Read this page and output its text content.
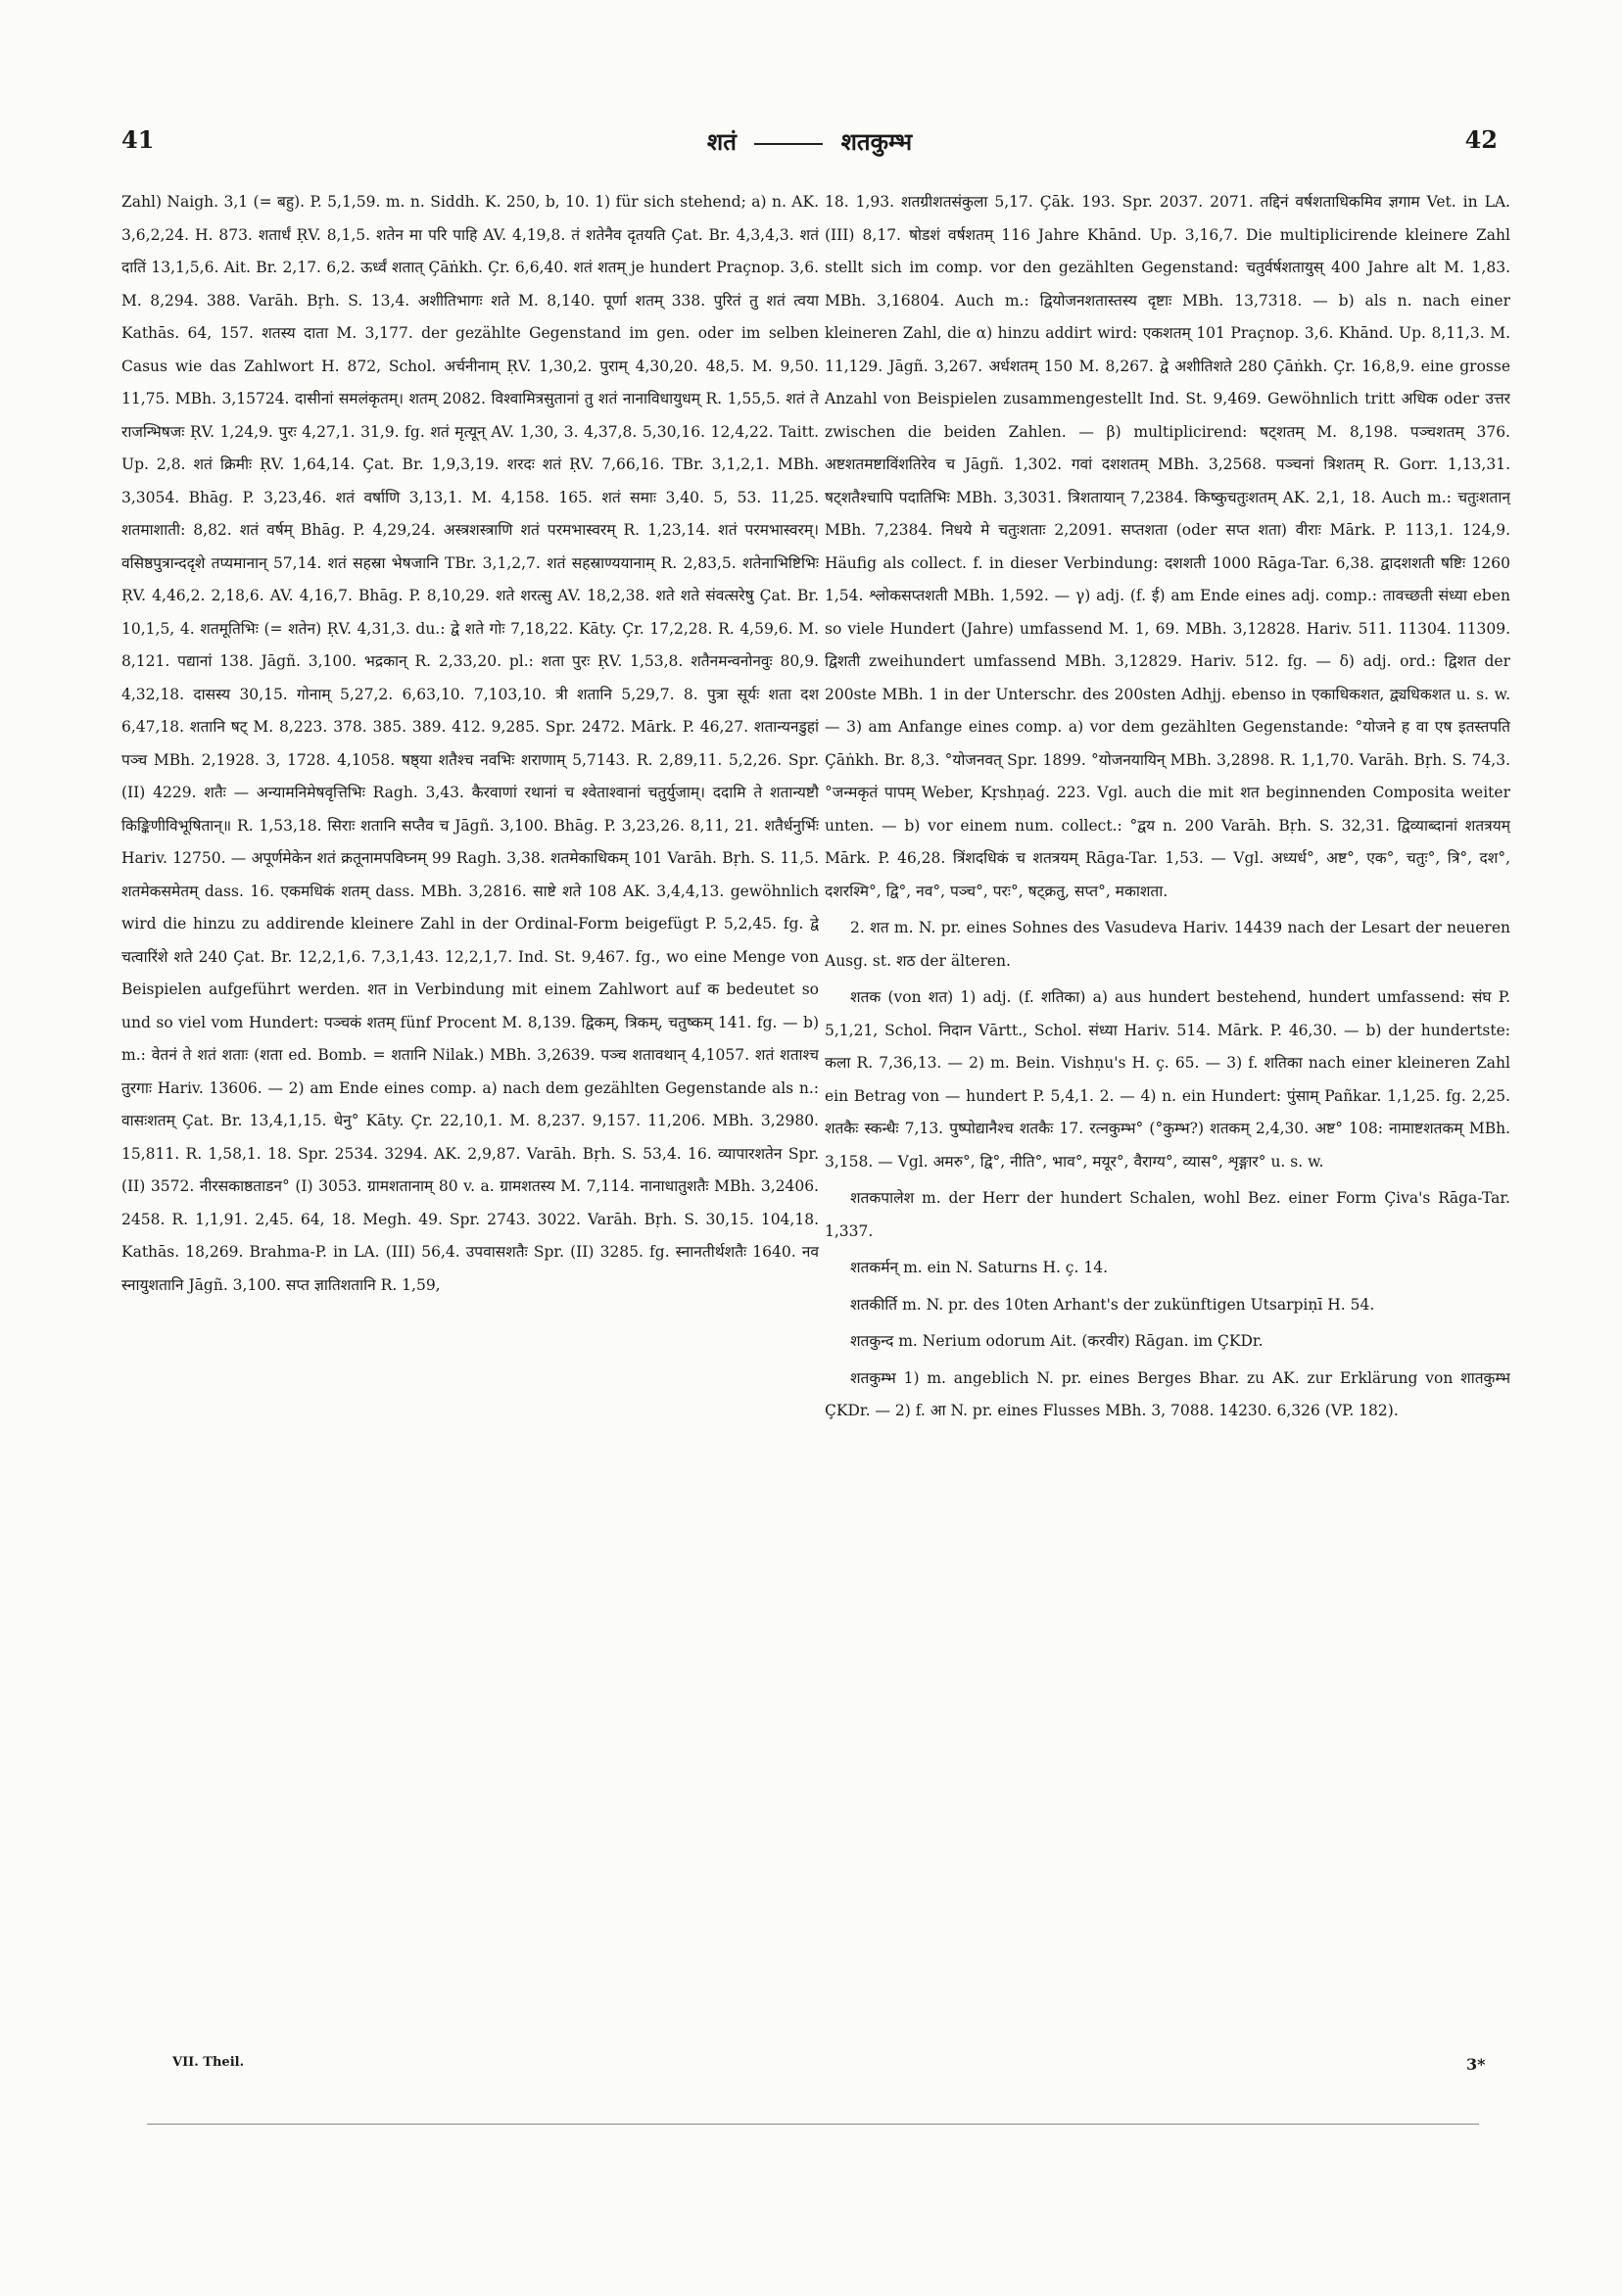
41	शतं	शतकुम्भ	42

Zahl) Naigh. 3,1 (= बहु). P. 5,1,59. m. n. Siddh. K. 250, b, 10. 1) für sich stehend; a) n. AK. 3,6,2,24. H. 873. शतार्धं ṚV. 8,1,5. शतेन मा परि पाहि AV. 4,19,8. तं शतेनैव दृतयति Çat. Br. 4,3,4,3. शतं दातिं 13,1,5,6. Ait. Br. 2,17. 6,2. ऊर्ध्वं शतात् Çāṅkh. Çr. 6,6,40. शतं शतम् je hundert Praçnop. 3,6. M. 8,294. 388. Varāh. Bṛh. S. 13,4. अशीतिभागः शते M. 8,140. पूर्णा शतम् 338. पुरितं तु शतं त्वया Kathās. 64, 157. शतस्य दाता M. 3,177. der gezählte Gegenstand im gen. oder im selben Casus wie das Zahlwort H. 872, Schol. अर्चनीनाम् ṚV. 1,30,2. पुराम् 4,30,20. 48,5. M. 9,50. 11,75. MBh. 3,15724. दासीनां समलंकृतम्। शतम् 2082. विश्वामित्रसुतानां तु शतं नानाविधायुधम् R. 1,55,5. शतं ते राजन्भिषजः ṚV. 1,24,9. पुरः 4,27,1. 31,9. fg. शतं मृत्यून् AV. 1,30, 3. 4,37,8. 5,30,16. 12,4,22. Taitt. Up. 2,8. शतं क्रिमीः ṚV. 1,64,14. Çat. Br. 1,9,3,19. शरदः शतं ṚV. 7,66,16. TBr. 3,1,2,1. MBh. 3,3054. Bhāg. P. 3,23,46. शतं वर्षाणि 3,13,1. M. 4,158. 165. शतं समाः 3,40. 5, 53. 11,25. शतमाशाती: 8,82. शतं वर्षम् Bhāg. P. 4,29,24. अस्त्रशस्त्राणि शतं परमभास्वरम् R. 1,23,14. शतं परमभास्वरम्। वसिष्ठपुत्रान्ददृशे तप्यमानान् 57,14. शतं सहस्रा भेषजानि TBr. 3,1,2,7. शतं सहस्राण्ययानाम् R. 2,83,5. शतेनाभिष्टिभिः ṚV. 4,46,2. 2,18,6. AV. 4,16,7. Bhāg. P. 8,10,29. शते शरत्सु AV. 18,2,38. शते शते संवत्सरेषु Çat. Br. 10,1,5, 4. शतमूतिभिः (= शतेन) ṚV. 4,31,3. du.: द्वे शते गोः 7,18,22. Kāty. Çr. 17,2,28. R. 4,59,6. M. 8,121. पद्यानां 138. Jāgñ. 3,100. भद्रकान् R. 2,33,20. pl.: शता पुरः ṚV. 1,53,8. शतैनमन्वनोनवुः 80,9. 4,32,18. दासस्य 30,15. गोनाम् 5,27,2. 6,63,10. 7,103,10. त्री शतानि 5,29,7. 8. पुत्रा सूर्यः शता दश 6,47,18. शतानि षट् M. 8,223. 378. 385. 389. 412. 9,285. Spr. 2472. Mārk. P. 46,27. शतान्यनडुहां पञ्च MBh. 2,1928. 3, 1728. 4,1058. षष्ठ्या शतैश्च नवभिः शराणाम् 5,7143. R. 2,89,11. 5,2,26. Spr. (II) 4229. शतैः — अन्यामनिमेषवृत्तिभिः Ragh. 3,43. कैरवाणां रथानां च श्वेताश्वानां चतुर्युजाम्। ददामि ते शतान्यष्टौ किङ्किणीविभूषितान्॥ R. 1,53,18. सिराः शतानि सप्तैव च Jāgñ. 3,100. Bhāg. P. 3,23,26. 8,11, 21. शतैर्धनुर्भिः Hariv. 12750. — अपूर्णमेकेन शतं क्रतूनामपविघ्नम् 99 Ragh. 3,38. शतमेकाधिकम् 101 Varāh. Bṛh. S. 11,5. शतमेकसमेतम् dass. 16. एकमधिकं शतम् dass. MBh. 3,2816. साष्टे शते 108 AK. 3,4,4,13. gewöhnlich wird die hinzu zu addirende kleinere Zahl in der Ordinal-Form beigefügt P. 5,2,45. fg. द्वे चत्वारिंशे शते 240 Çat. Br. 12,2,1,6. 7,3,1,43. 12,2,1,7. Ind. St. 9,467. fg., wo eine Menge von Beispielen aufgeführt werden. शत in Verbindung mit einem Zahlwort auf क bedeutet so und so viel vom Hundert: पञ्चकं शतम् fünf Procent M. 8,139. द्विकम्, त्रिकम्, चतुष्कम् 141. fg. — b) m.: वेतनं ते शतं शताः (शता ed. Bomb. = शतानि Nilak.) MBh. 3,2639. पञ्च शतावथान् 4,1057. शतं शताश्च तुरगाः Hariv. 13606. — 2) am Ende eines comp. a) nach dem gezählten Gegenstande als n.: वासःशतम् Çat. Br. 13,4,1,15. धेनु° Kāty. Çr. 22,10,1. M. 8,237. 9,157. 11,206. MBh. 3,2980. 15,811. R. 1,58,1. 18. Spr. 2534. 3294. AK. 2,9,87. Varāh. Bṛh. S. 53,4. 16. व्यापारशतेन Spr. (II) 3572. नीरसकाष्ठताडन° (I) 3053. ग्रामशतानाम् 80 v. a. ग्रामशतस्य M. 7,114. नानाधातुशतैः MBh. 3,2406. 2458. R. 1,1,91. 2,45. 64, 18. Megh. 49. Spr. 2743. 3022. Varāh. Bṛh. S. 30,15. 104,18. Kathās. 18,269. Brahma-P. in LA. (III) 56,4. उपवासशतैः Spr. (II) 3285. fg. स्नानतीर्थशतैः 1640. नव स्नायुशतानि Jāgñ. 3,100. सप्त ज्ञातिशतानि R. 1,59,

18. 1,93. शतग्रीशतसंकुला 5,17. Çāk. 193. Spr. 2037. 2071. तद्दिनं वर्षशताधिकमिव ज्ञगाम Vet. in LA. (III) 8,17. षोडशं वर्षशतम् 116 Jahre Khānd. Up. 3,16,7. Die multiplicirende kleinere Zahl stellt sich im comp. vor den gezählten Gegenstand: चतुर्वर्षशतायुस् 400 Jahre alt M. 1,83. MBh. 3,16804. Auch m.: द्वियोजनशतास्तस्य दृष्टाः MBh. 13,7318. — b) als n. nach einer kleineren Zahl, die α) hinzu addirt wird: एकशतम् 101 Praçnop. 3,6. Khānd. Up. 8,11,3. M. 11,129. Jāgñ. 3,267. अर्धशतम् 150 M. 8,267. द्वे अशीतिशते 280 Çāṅkh. Çr. 16,8,9. eine grosse Anzahl von Beispielen zusammengestellt Ind. St. 9,469. Gewöhnlich tritt अधिक oder उत्तर zwischen die beiden Zahlen. — β) multiplicirend: षट्शतम् M. 8,198. पञ्चशतम् 376. अष्टशतमष्टाविंशतिरेव च Jāgñ. 1,302. गवां दशशतम् MBh. 3,2568. पञ्चनां त्रिशतम् R. Gorr. 1,13,31. षट्शतैश्चापि पदातिभिः MBh. 3,3031. त्रिशतायान् 7,2384. किष्कुचतुःशतम् AK. 2,1, 18. Auch m.: चतुःशतान् MBh. 7,2384. निधये मे चतुःशताः 2,2091. सप्तशता (oder सप्त शता) वीराः Mārk. P. 113,1. 124,9. Häufig als collect. f. in dieser Verbindung: दशशती 1000 Rāga-Tar. 6,38. द्वादशशती षष्टिः 1260 1,54. श्लोकसप्तशती MBh. 1,592. — γ) adj. (f. ई) am Ende eines adj. comp.: तावच्छती संध्या eben so viele Hundert (Jahre) umfassend M. 1, 69. MBh. 3,12828. Hariv. 511. 11304. 11309. द्विशती zweihundert umfassend MBh. 3,12829. Hariv. 512. fg. — δ) adj. ord.: द्विशत der 200ste MBh. 1 in der Unterschr. des 200sten Adhjj. ebenso in एकाधिकशत, द्व्यधिकशत u. s. w. — 3) am Anfange eines comp. a) vor dem gezählten Gegenstande: °योजने ह वा एष इतस्तपति Çāṅkh. Br. 8,3. °योजनवत् Spr. 1899. °योजनयायिन् MBh. 3,2898. R. 1,1,70. Varāh. Bṛh. S. 74,3. °जन्मकृतं पापम् Weber, Kṛshṇaǵ. 223. Vgl. auch die mit शत beginnenden Composita weiter unten. — b) vor einem num. collect.: °द्वय n. 200 Varāh. Bṛh. S. 32,31. द्विव्याब्दानां शतत्रयम् Mārk. P. 46,28. त्रिंशदधिकं च शतत्रयम् Rāga-Tar. 1,53. — Vgl. अध्यर्ध°, अष्ट°, एक°, चतुः°, त्रि°, दश°, दशरश्मि°, द्वि°, नव°, पञ्च°, परः°, षट्क्रतु, सप्त°, मकाशता.

2. शत m. N. pr. eines Sohnes des Vasudeva Hariv. 14439 nach der Lesart der neueren Ausg. st. शठ der älteren.

शतक (von शत) 1) adj. (f. शतिका) a) aus hundert bestehend, hundert umfassend: संघ P. 5,1,21, Schol. निदान Vārtt., Schol. संध्या Hariv. 514. Mārk. P. 46,30. — b) der hundertste: कला R. 7,36,13. — 2) m. Bein. Vishṇu's H. ç. 65. — 3) f. शतिका nach einer kleineren Zahl ein Betrag von — hundert P. 5,4,1. 2. — 4) n. ein Hundert: पुंसाम् Pañkar. 1,1,25. fg. 2,25. शतकैः स्कन्धैः 7,13. पुष्पोद्यानैश्च शतकैः 17. रत्नकुम्भ° (°कुम्भ?) शतकम् 2,4,30. अष्ट° 108: नामाष्टशतकम् MBh. 3,158. — Vgl. अमरु°, द्वि°, नीति°, भाव°, मयूर°, वैराग्य°, व्यास°, शृङ्गार° u. s. w.

शतकपालेश m. der Herr der hundert Schalen, wohl Bez. einer Form Çiva's Rāga-Tar. 1,337.

शतकर्मन् m. ein N. Saturns H. ç. 14.

शतकीर्ति m. N. pr. des 10ten Arhant's der zukünftigen Utsarpiṇī H. 54.

शतकुन्द m. Nerium odorum Ait. (करवीर) Rāgan. im ÇKDr.

शतकुम्भ 1) m. angeblich N. pr. eines Berges Bhar. zu AK. zur Erklärung von शातकुम्भ ÇKDr. — 2) f. आ N. pr. eines Flusses MBh. 3, 7088. 14230. 6,326 (VP. 182).

VII. Theil.	3*
